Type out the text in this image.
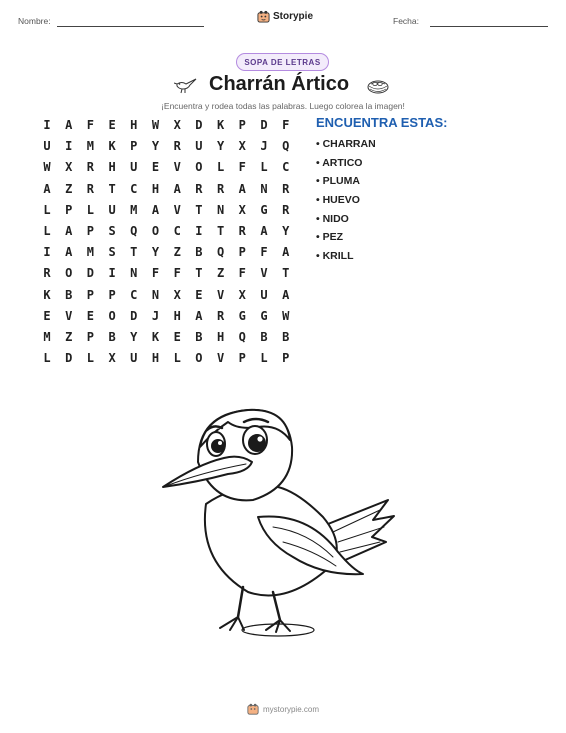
Nombre:	Fecha:
Storypie
SOPA DE LETRAS
Charrán Ártico
¡Encuentra y rodea todas las palabras. Luego colorea la imagen!
I	A	F	E	H	W	X	D	K	P	D	F
U	I	M	K	P	Y	R	U	Y	X	J	Q
W	X	R	H	U	E	V	O	L	F	L	C
A	Z	R	T	C	H	A	R	R	A	N	R
L	P	L	U	M	A	V	T	N	X	G	R
L	A	P	S	Q	O	C	I	T	R	A	Y
I	A	M	S	T	Y	Z	B	Q	P	F	A
R	O	D	I	N	F	F	T	Z	F	V	T
K	B	P	P	C	N	X	E	V	X	U	A
E	V	E	O	D	J	H	A	R	G	G	W
M	Z	P	B	Y	K	E	B	H	Q	B	B
L	D	L	X	U	H	L	O	V	P	L	P
ENCUENTRA ESTAS:
• CHARRAN
• ARTICO
• PLUMA
• HUEVO
• NIDO
• PEZ
• KRILL
mystorypie.com
